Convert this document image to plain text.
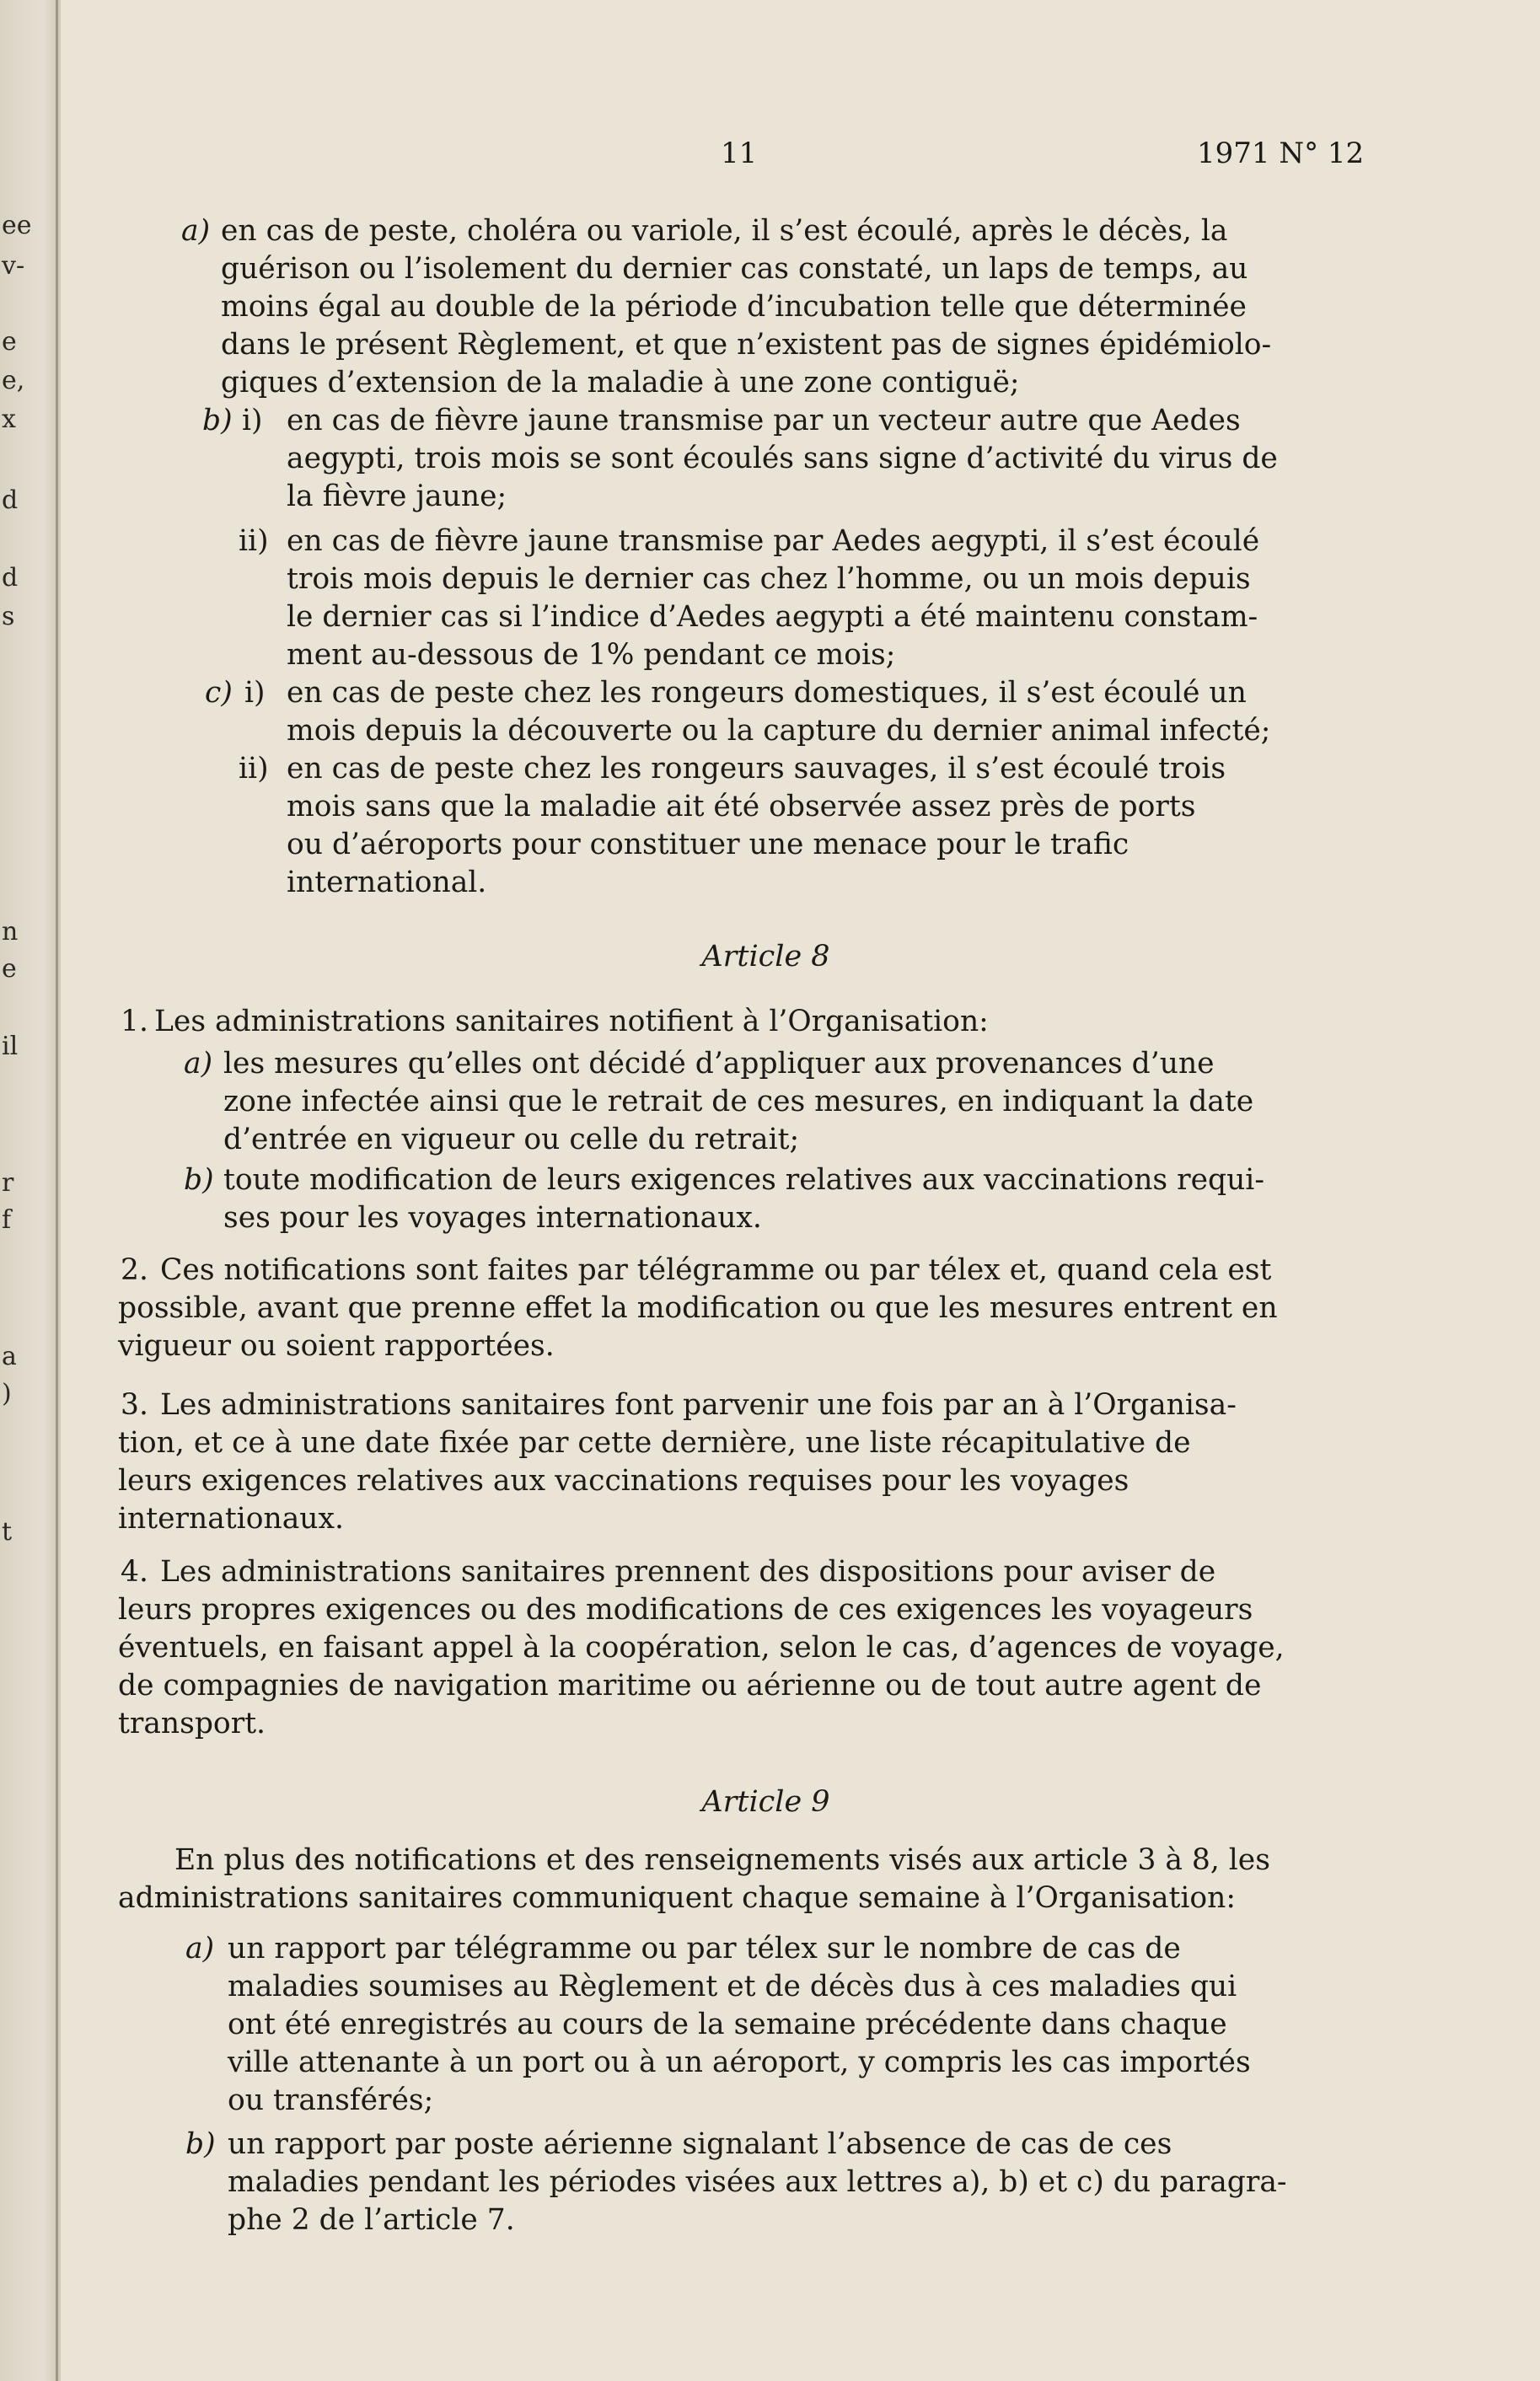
ee
v-
e
e,
x
d
d
s
n
e
il
r
f
a
)
t
11	1971 N° 12
a) en cas de peste, choléra ou variole, il s’est écoulé, après le décès, la
guérison ou l’isolement du dernier cas constaté, un laps de temps, au
moins égal au double de la période d’incubation telle que déterminée
dans le présent Règlement, et que n’existent pas de signes épidémiolo-
giques d’extension de la maladie à une zone contiguë;
b) i) en cas de fièvre jaune transmise par un vecteur autre que Aedes
aegypti, trois mois se sont écoulés sans signe d’activité du virus de
la fièvre jaune;
ii) en cas de fièvre jaune transmise par Aedes aegypti, il s’est écoulé
trois mois depuis le dernier cas chez l’homme, ou un mois depuis
le dernier cas si l’indice d’Aedes aegypti a été maintenu constam-
ment au-dessous de 1% pendant ce mois;
c) i) en cas de peste chez les rongeurs domestiques, il s’est écoulé un
mois depuis la découverte ou la capture du dernier animal infecté;
ii) en cas de peste chez les rongeurs sauvages, il s’est écoulé trois
mois sans que la maladie ait été observée assez près de ports
ou d’aéroports pour constituer une menace pour le trafic
international.
Article 8
1. Les administrations sanitaires notifient à l’Organisation:
a) les mesures qu’elles ont décidé d’appliquer aux provenances d’une
zone infectée ainsi que le retrait de ces mesures, en indiquant la date
d’entrée en vigueur ou celle du retrait;
b) toute modification de leurs exigences relatives aux vaccinations requi-
ses pour les voyages internationaux.
2. Ces notifications sont faites par télégramme ou par télex et, quand cela est
possible, avant que prenne effet la modification ou que les mesures entrent en
vigueur ou soient rapportées.
3. Les administrations sanitaires font parvenir une fois par an à l’Organisa-
tion, et ce à une date fixée par cette dernière, une liste récapitulative de
leurs exigences relatives aux vaccinations requises pour les voyages
internationaux.
4. Les administrations sanitaires prennent des dispositions pour aviser de
leurs propres exigences ou des modifications de ces exigences les voyageurs
éventuels, en faisant appel à la coopération, selon le cas, d’agences de voyage,
de compagnies de navigation maritime ou aérienne ou de tout autre agent de
transport.
Article 9
En plus des notifications et des renseignements visés aux article 3 à 8, les
administrations sanitaires communiquent chaque semaine à l’Organisation:
a) un rapport par télégramme ou par télex sur le nombre de cas de
maladies soumises au Règlement et de décès dus à ces maladies qui
ont été enregistrés au cours de la semaine précédente dans chaque
ville attenante à un port ou à un aéroport, y compris les cas importés
ou transférés;
b) un rapport par poste aérienne signalant l’absence de cas de ces
maladies pendant les périodes visées aux lettres a), b) et c) du paragra-
phe 2 de l’article 7.
